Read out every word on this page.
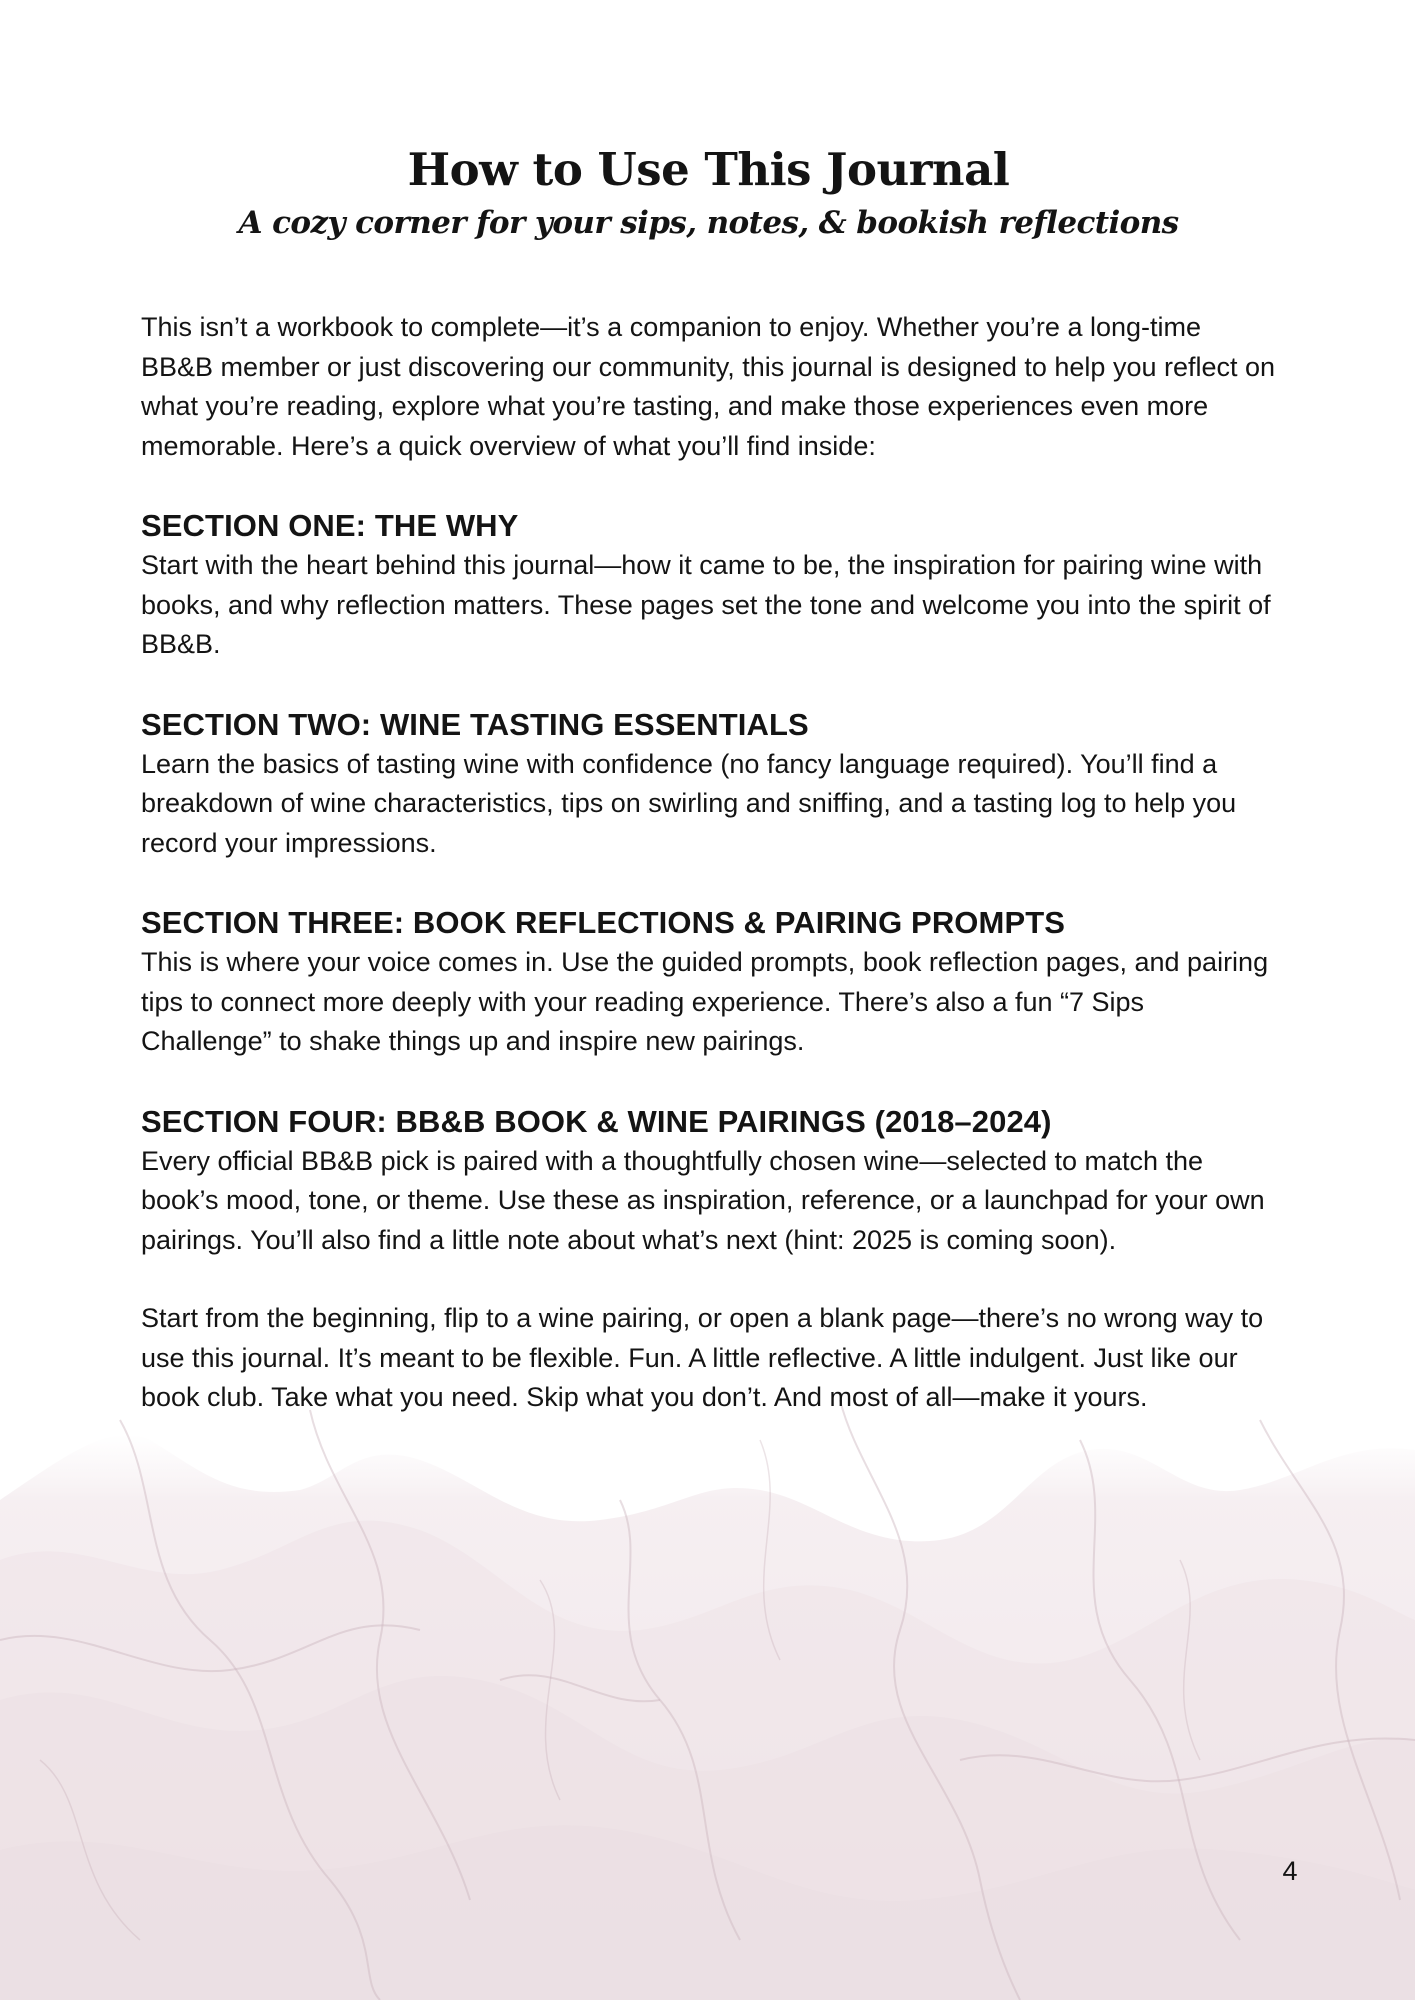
How to Use This Journal
A cozy corner for your sips, notes, & bookish reflections

This isn’t a workbook to complete—it’s a companion to enjoy. Whether you’re a long-time BB&B member or just discovering our community, this journal is designed to help you reflect on what you’re reading, explore what you’re tasting, and make those experiences even more memorable. Here’s a quick overview of what you’ll find inside:

SECTION ONE: THE WHY

Start with the heart behind this journal—how it came to be, the inspiration for pairing wine with books, and why reflection matters. These pages set the tone and welcome you into the spirit of BB&B.

SECTION TWO: WINE TASTING ESSENTIALS

Learn the basics of tasting wine with confidence (no fancy language required). You’ll find a breakdown of wine characteristics, tips on swirling and sniffing, and a tasting log to help you record your impressions.

SECTION THREE: BOOK REFLECTIONS & PAIRING PROMPTS

This is where your voice comes in. Use the guided prompts, book reflection pages, and pairing tips to connect more deeply with your reading experience. There’s also a fun “7 Sips Challenge” to shake things up and inspire new pairings.

SECTION FOUR: BB&B BOOK & WINE PAIRINGS (2018–2024)

Every official BB&B pick is paired with a thoughtfully chosen wine—selected to match the book’s mood, tone, or theme. Use these as inspiration, reference, or a launchpad for your own pairings. You’ll also find a little note about what’s next (hint: 2025 is coming soon).

Start from the beginning, flip to a wine pairing, or open a blank page—there’s no wrong way to use this journal. It’s meant to be flexible. Fun. A little reflective. A little indulgent. Just like our book club. Take what you need. Skip what you don’t. And most of all—make it yours.

4
